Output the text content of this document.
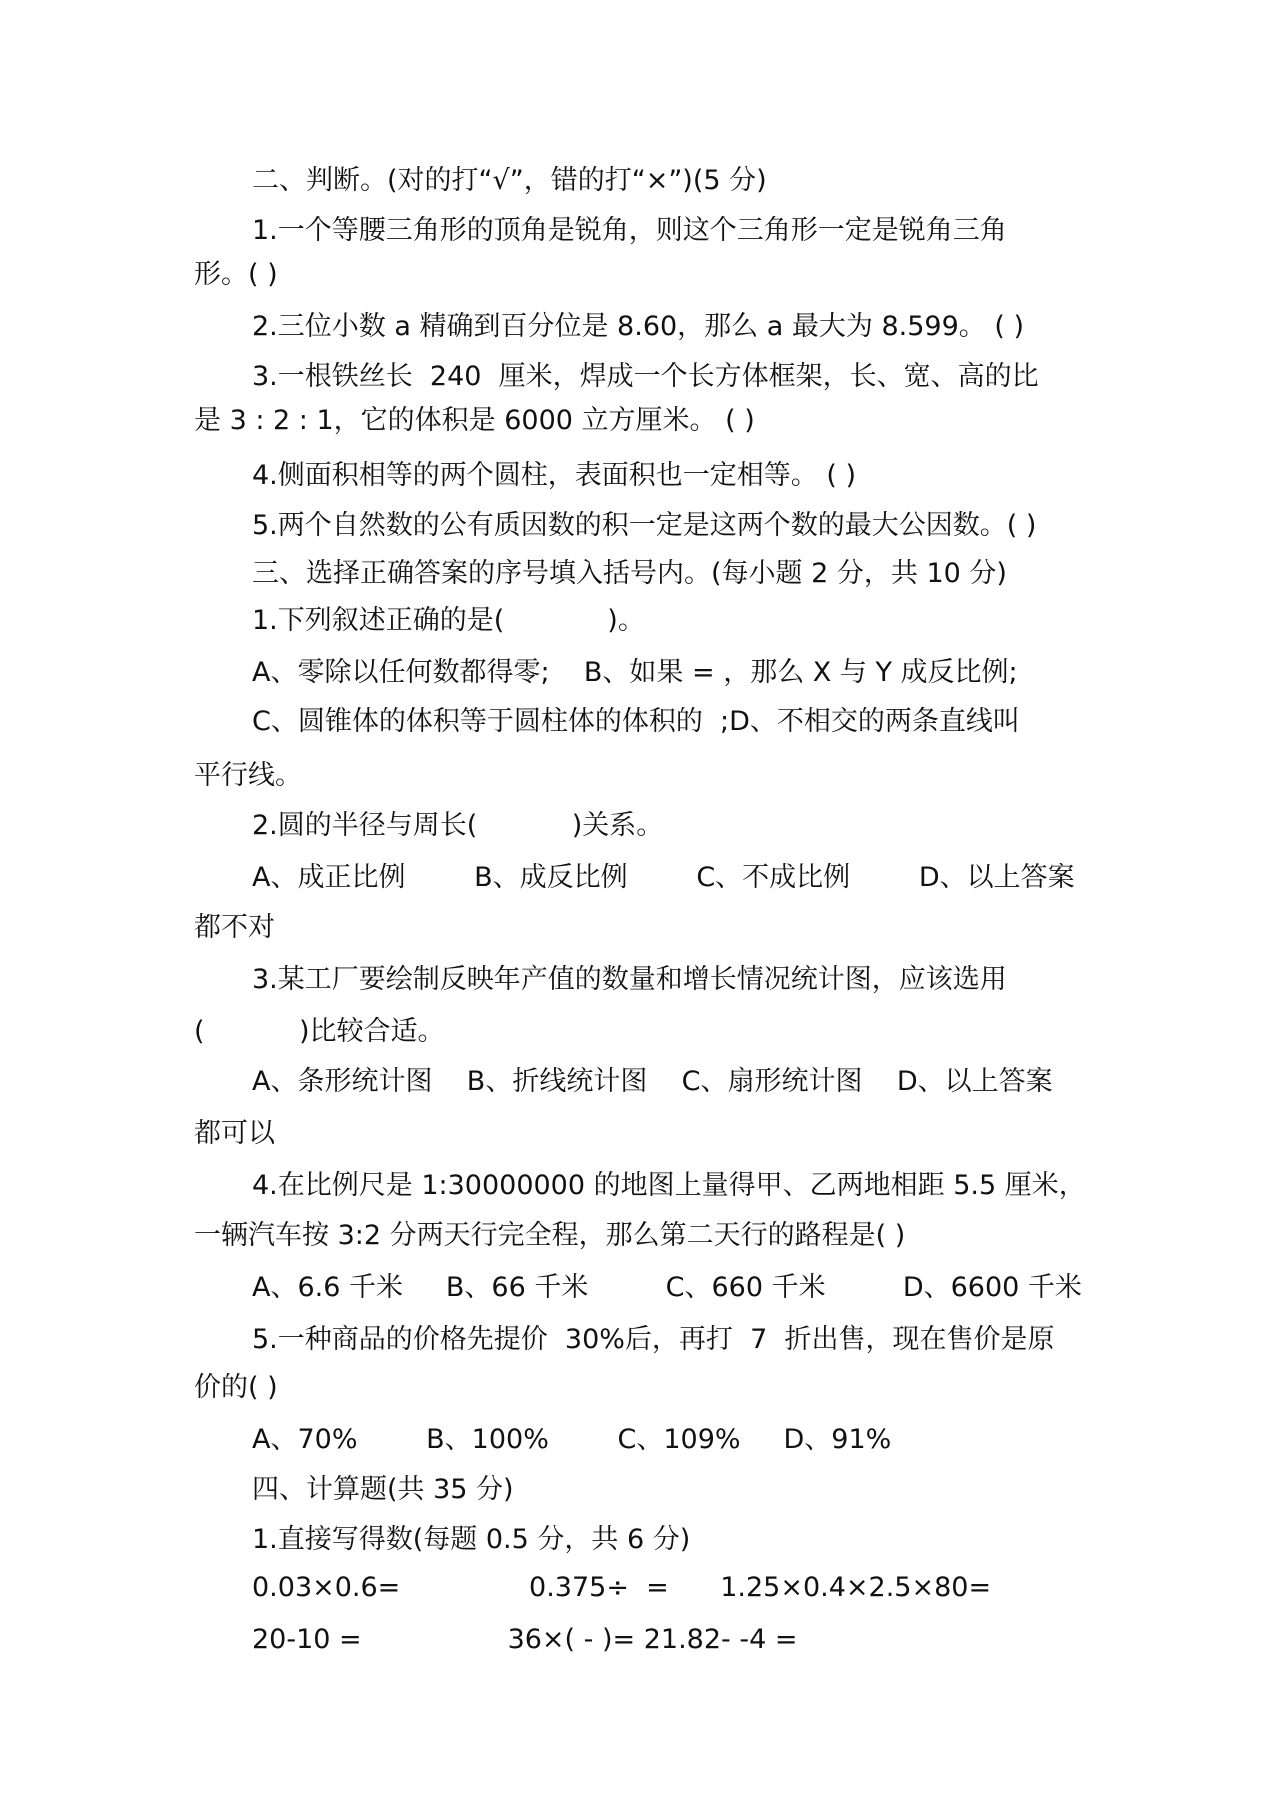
二、判断。(对的打“√”，错的打“×”)(5 分)
1.一个等腰三角形的顶角是锐角，则这个三角形一定是锐角三角
形。( )
2.三位小数 a 精确到百分位是 8.60，那么 a 最大为 8.599。 ( )
3.一根铁丝长  240  厘米，焊成一个长方体框架，长、宽、高的比
是 3 : 2 : 1，它的体积是 6000 立方厘米。 ( )
4.侧面积相等的两个圆柱，表面积也一定相等。 ( )
5.两个自然数的公有质因数的积一定是这两个数的最大公因数。( )
三、选择正确答案的序号填入括号内。(每小题 2 分，共 10 分)
1.下列叙述正确的是(            )。
A、零除以任何数都得零;    B、如果 = ，那么 X 与 Y 成反比例;
C、圆锥体的体积等于圆柱体的体积的  ;D、不相交的两条直线叫
平行线。
2.圆的半径与周长(           )关系。
A、成正比例        B、成反比例        C、不成比例        D、以上答案
都不对
3.某工厂要绘制反映年产值的数量和增长情况统计图，应该选用
(           )比较合适。
A、条形统计图    B、折线统计图    C、扇形统计图    D、以上答案
都可以
4.在比例尺是 1:30000000 的地图上量得甲、乙两地相距 5.5 厘米，
一辆汽车按 3:2 分两天行完全程，那么第二天行的路程是( )
A、6.6 千米     B、66 千米         C、660 千米         D、6600 千米
5.一种商品的价格先提价  30%后，再打  7  折出售，现在售价是原
价的( )
A、70%        B、100%        C、109%     D、91%
四、计算题(共 35 分)
1.直接写得数(每题 0.5 分，共 6 分)
0.03×0.6=               0.375÷  =      1.25×0.4×2.5×80=
20-10 =                 36×( - )= 21.82- -4 =
